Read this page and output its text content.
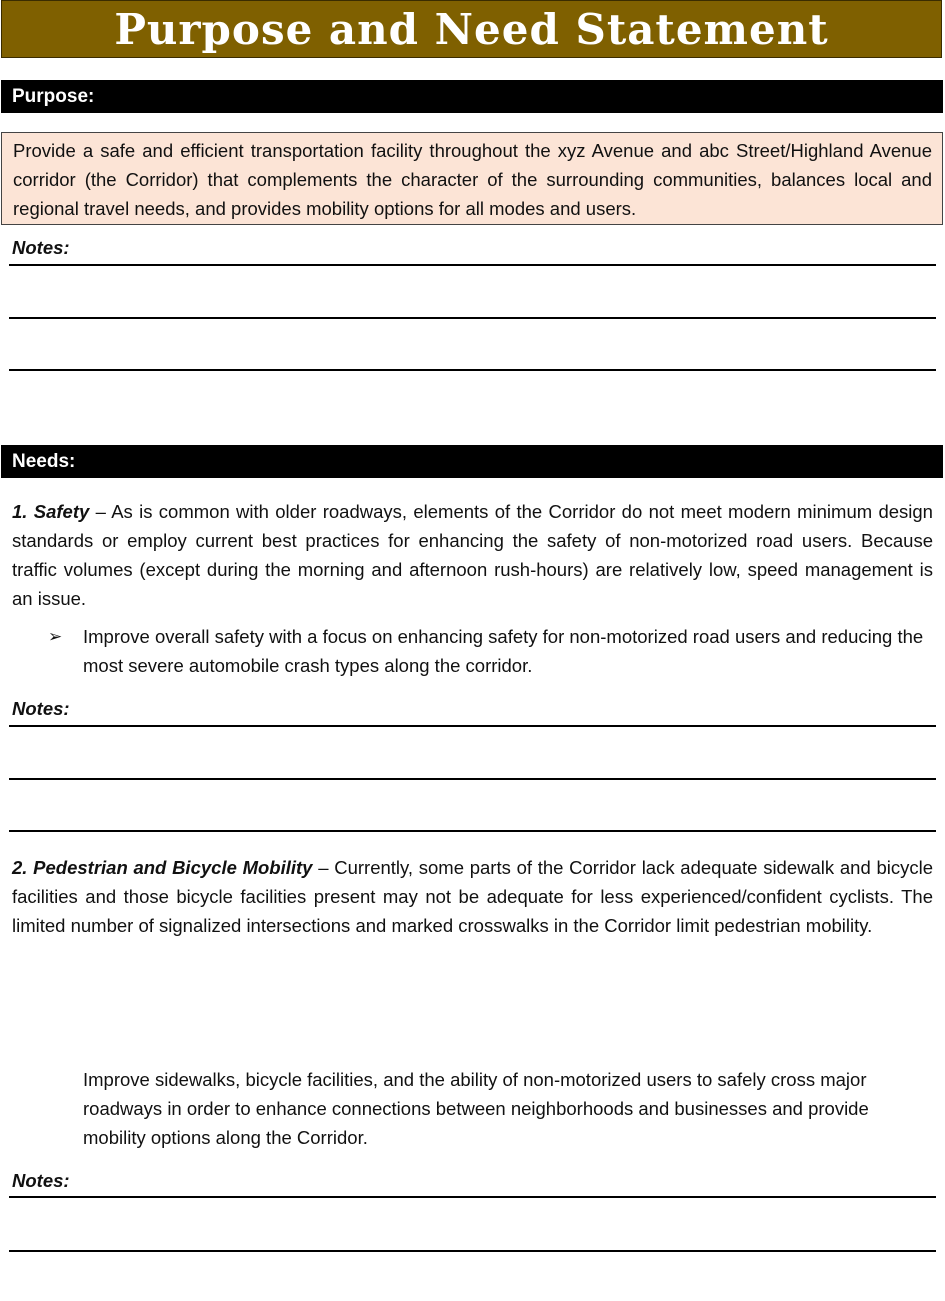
Purpose and Need Statement
Purpose:
Provide a safe and efficient transportation facility throughout the xyz Avenue and abc Street/Highland Avenue corridor (the Corridor) that complements the character of the surrounding communities, balances local and regional travel needs, and provides mobility options for all modes and users.
Notes:
Needs:
1. Safety – As is common with older roadways, elements of the Corridor do not meet modern minimum design standards or employ current best practices for enhancing the safety of non-motorized road users. Because traffic volumes (except during the morning and afternoon rush-hours) are relatively low, speed management is an issue.
➢ Improve overall safety with a focus on enhancing safety for non-motorized road users and reducing the most severe automobile crash types along the corridor.
Notes:
2. Pedestrian and Bicycle Mobility – Currently, some parts of the Corridor lack adequate sidewalk and bicycle facilities and those bicycle facilities present may not be adequate for less experienced/confident cyclists. The limited number of signalized intersections and marked crosswalks in the Corridor limit pedestrian mobility.
Improve sidewalks, bicycle facilities, and the ability of non-motorized users to safely cross major roadways in order to enhance connections between neighborhoods and businesses and provide mobility options along the Corridor.
Notes:
